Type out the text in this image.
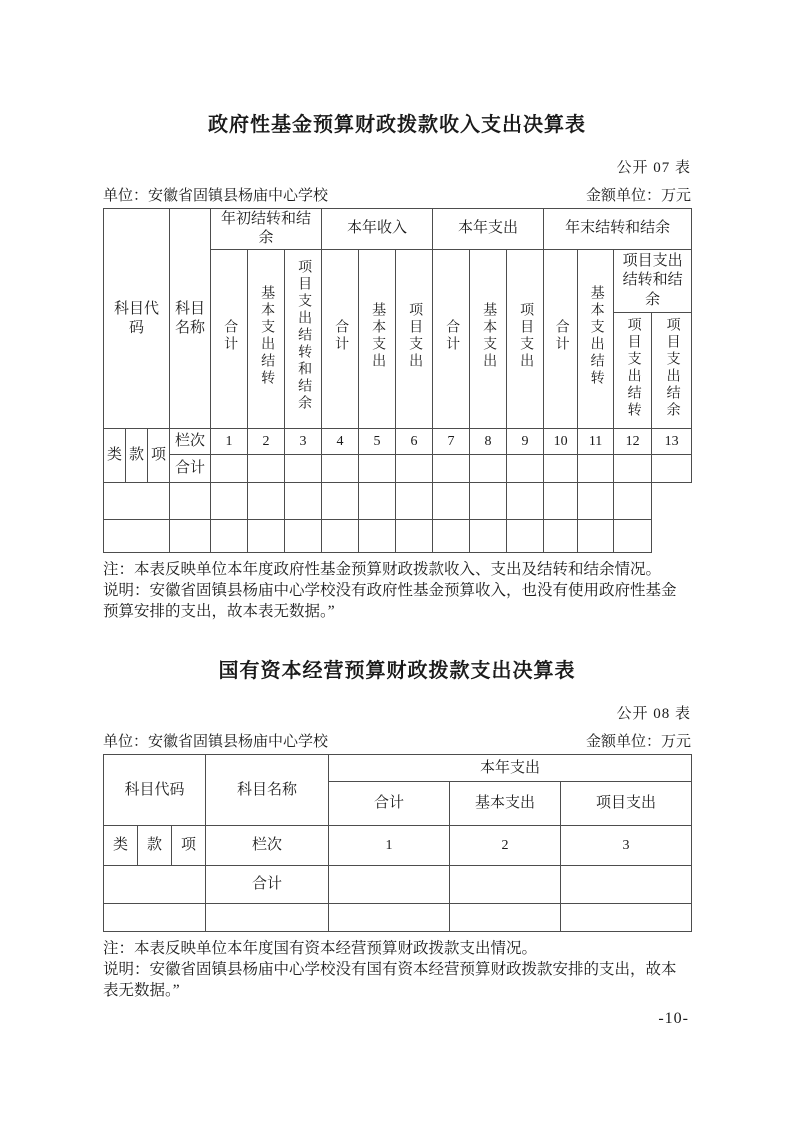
政府性基金预算财政拨款收入支出决算表
公开 07 表
单位：安徽省固镇县杨庙中心学校	金额单位：万元
科目代码			科目名称	年初结转和结余			本年收入			本年支出			年末结转和结余			
				合计	基本支出结转	项目支出结转和结余	合计	基本支出	项目支出	合计	基本支出	项目支出	合计	基本支出结转	项目支出结转和结余	
															项目支出结转	项目支出结余
类	款	项	栏次	1	2	3	4	5	6	7	8	9	10	11	12	13
			合计													

注：本表反映单位本年度政府性基金预算财政拨款收入、支出及结转和结余情况。

说明：安徽省固镇县杨庙中心学校没有政府性基金预算收入，也没有使用政府性基金预算安排的支出，故本表无数据。”

国有资本经营预算财政拨款支出决算表
公开 08 表
单位：安徽省固镇县杨庙中心学校	金额单位：万元
科目代码			科目名称	本年支出		
				合计	基本支出	项目支出
类	款	项	栏次	1	2	3
			合计			

注：本表反映单位本年度国有资本经营预算财政拨款支出情况。

说明：安徽省固镇县杨庙中心学校没有国有资本经营预算财政拨款安排的支出，故本表无数据。”

-10-
